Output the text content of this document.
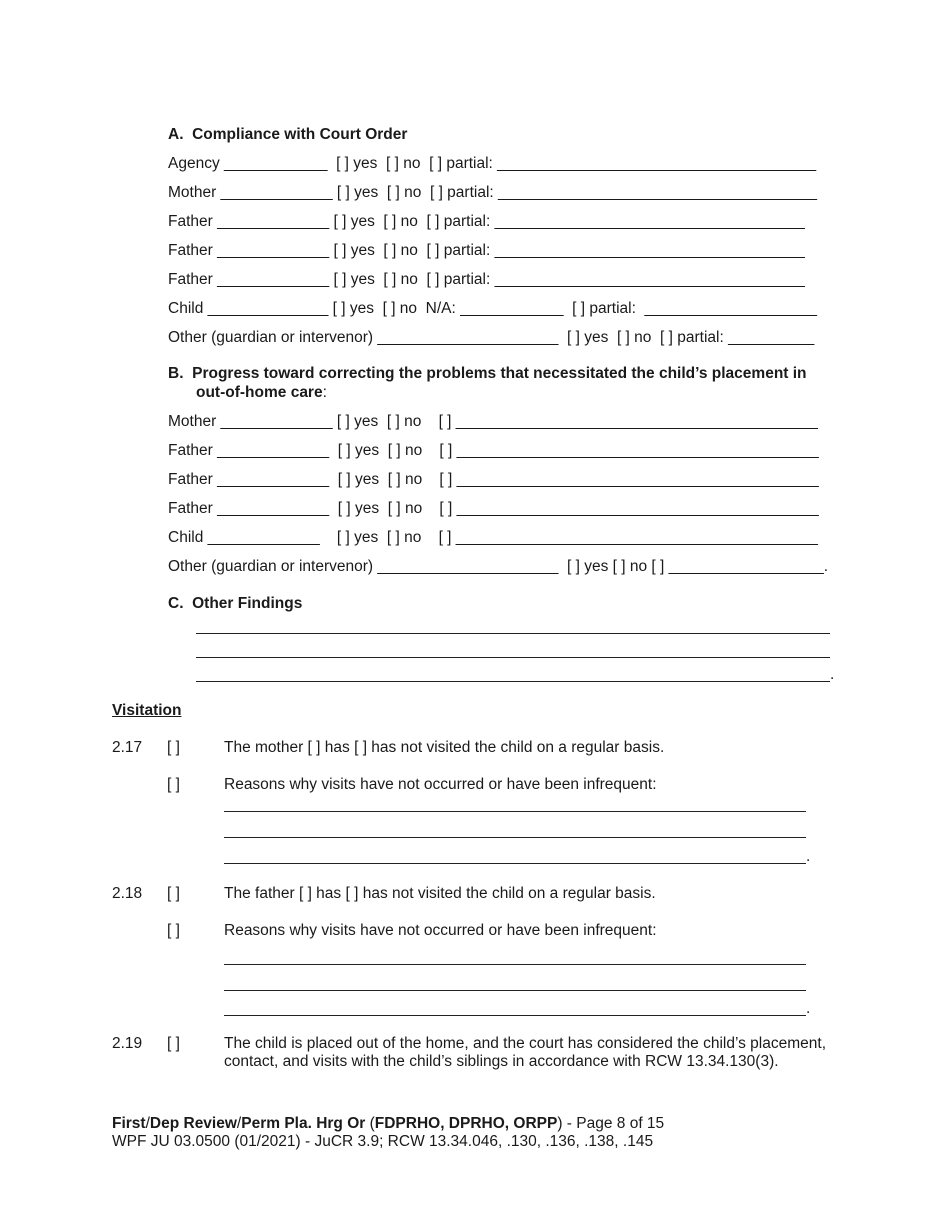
A.  Compliance with Court Order
Agency ____________  [ ] yes  [ ] no  [ ] partial: _____________________________________
Mother _____________ [ ] yes  [ ] no  [ ] partial: _____________________________________
Father _____________ [ ] yes  [ ] no  [ ] partial: ____________________________________
Father _____________ [ ] yes  [ ] no  [ ] partial: ____________________________________
Father _____________ [ ] yes  [ ] no  [ ] partial: ____________________________________
Child ______________ [ ] yes  [ ] no  N/A: ____________  [ ] partial:  ____________________
Other (guardian or intervenor) _____________________  [ ] yes  [ ] no  [ ] partial: __________
B.  Progress toward correcting the problems that necessitated the child’s placement in
out-of-home care:
Mother _____________ [ ] yes  [ ] no    [ ] __________________________________________
Father _____________  [ ] yes  [ ] no    [ ] __________________________________________
Father _____________  [ ] yes  [ ] no    [ ] __________________________________________
Father _____________  [ ] yes  [ ] no    [ ] __________________________________________
Child _____________    [ ] yes  [ ] no    [ ] __________________________________________
Other (guardian or intervenor) _____________________  [ ] yes [ ] no [ ] __________________.
C.  Other Findings
.
Visitation
2.17 [ ]	The mother [ ] has [ ] has not visited the child on a regular basis.
[ ]	Reasons why visits have not occurred or have been infrequent:
.
2.18 [ ]	The father [ ] has [ ] has not visited the child on a regular basis.
[ ]	Reasons why visits have not occurred or have been infrequent:
.
2.19 [ ]	The child is placed out of the home, and the court has considered the child’s placement,
contact, and visits with the child’s siblings in accordance with RCW 13.34.130(3).
First/Dep Review/Perm Pla. Hrg Or (FDPRHO, DPRHO, ORPP) - Page 8 of 15
WPF JU 03.0500 (01/2021) - JuCR 3.9; RCW 13.34.046, .130, .136, .138, .145
